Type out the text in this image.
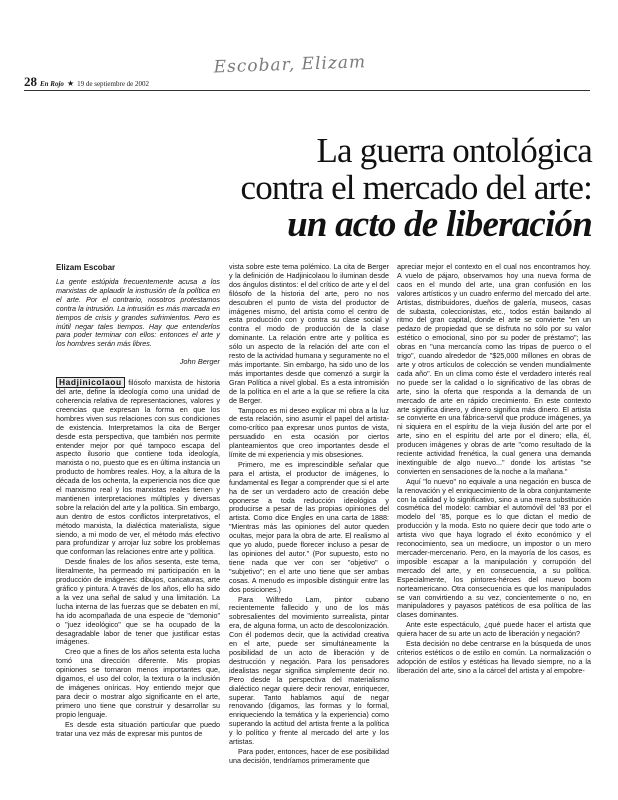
Escobar, Elizam
28 En Rojo ★ 19 de septiembre de 2002
La guerra ontológica
contra el mercado del arte:
un acto de liberación
Elizam Escobar

La gente estúpida frecuentemente acusa a los marxistas de aplaudir la instrusión de la política en el arte. Por el contrario, nosotros protestamos contra la intrusión. La intrusión es más marcada en tiempos de crisis y grandes sufrimientos. Pero es inútil negar tales tiempos. Hay que entenderlos para poder terminar con ellos: entonces el arte y los hombres serán más libres.

John Berger

Hadjinicolaou filósofo marxista de historia del arte, define la ideología como una unidad de coherencia relativa de representaciones, valores y creencias que expresan la forma en que los hombres viven sus relaciones con sus condiciones de existencia. Interpretamos la cita de Berger desde esta perspectiva, que también nos permite entender mejor por qué tampoco escapa del aspecto ilusorio que contiene toda ideología, marxista o no, puesto que es en última instancia un producto de hombres reales. Hoy, a la altura de la década de los ochenta, la experiencia nos dice que el marxismo real y los marxistas reales tienen y mantienen interpretaciones múltiples y diversas sobre la relación del arte y la política. Sin embargo, aun dentro de estos conflictos interpretativos, el método marxista, la dialéctica materialista, sigue siendo, a mi modo de ver, el método más efectivo para profundizar y arrojar luz sobre los problemas que conforman las relaciones entre arte y política.

Desde finales de los años sesenta, este tema, literalmente, ha permeado mi participación en la producción de imágenes: dibujos, caricaturas, arte gráfico y pintura. A través de los años, ello ha sido a la vez una señal de salud y una limitación. La lucha interna de las fuerzas que se debaten en mí, ha ido acompañada de una especie de "demonio" o "juez ideológico" que se ha ocupado de la desagradable labor de tener que justificar estas imágenes.

Creo que a fines de los años setenta esta lucha tomó una dirección diferente. Mis propias opiniones se tornaron menos importantes que, digamos, el uso del color, la textura o la inclusión de imágenes oníricas. Hoy entiendo mejor que para decir o mostrar algo significante en el arte, primero uno tiene que construir y desarrollar su propio lenguaje.

Es desde esta situación particular que puedo tratar una vez más de expresar mis puntos de

vista sobre este tema polémico. La cita de Berger y la definición de Hadjinicolaou lo iluminan desde dos ángulos distintos: el del crítico de arte y el del filósofo de la historia del arte, pero no nos descubren el punto de vista del productor de imágenes mismo, del artista como el centro de esta producción con y contra su clase social y contra el modo de producción de la clase dominante. La relación entre arte y política es sólo un aspecto de la relación del arte con el resto de la actividad humana y seguramente no el más importante. Sin embargo, ha sido uno de los más importantes desde que comenzó a surgir la Gran Política a nivel global. Es a esta intromisión de la política en el arte a la que se refiere la cita de Berger.

Tampoco es mi deseo explicar mi obra a la luz de esta relación, sino asumir el papel del artista-como-crítico paa expresar unos puntos de vista, persuadido en esta ocasión por ciertos planteamientos que creo importantes desde el límite de mi experiencia y mis obsesiones.

Primero, me es imprescindible señalar que para el artista, el productor de imágenes, lo fundamental es llegar a comprender que si el arte ha de ser un verdadero acto de creación debe oponerse a toda reducción ideológica y producirse a pesar de las propias opiniones del artista. Como dice Engles en una carta de 1888: "Mientras más las opiniones del autor queden ocultas, mejor para la obra de arte. El realismo al que yo aludo, puede florecer incluso a pesar de las opiniones del autor." (Por supuesto, esto no tiene nada que ver con ser "objetivo" o "subjetivo"; en el arte uno tiene que ser ambas cosas. A menudo es imposible distinguir entre las dos posiciones.)

Para Wilfredo Lam, pintor cubano recientemente fallecido y uno de los más sobresalientes del movimiento surrealista, pintar era, de alguna forma, un acto de descolonización. Con él podemos decir, que la actividad creativa en el arte, puede ser simultáneamente la posibilidad de un acto de liberación y de destrucción y negación. Para los pensadores idealistas negar significa simplemente decir no. Pero desde la perspectiva del materialismo dialéctico negar quiere decir renovar, enriquecer, superar. Tanto hablamos aquí de negar renovando (digamos, las formas y lo formal, enriqueciendo la temática y la experiencia) como superando la actitud del artista frente a la política y lo político y frente al mercado del arte y los artistas.

Para poder, entonces, hacer de ese posibilidad una decisión, tendríamos primeramente que

apreciar mejor el contexto en el cual nos encontramos hoy. A vuelo de pájaro, observamos hoy una nueva forma de caos en el mundo del arte, una gran confusión en los valores artísticos y un cuadro enfermo del mercado del arte. Artistas, distribuidores, dueños de galería, museos, casas de subasta, coleccionistas, etc., todos están bailando al ritmo del gran capital, donde el arte se convierte "en un pedazo de propiedad que se disfruta no sólo por su valor estético o emocional, sino por su poder de préstamo"; las obras en "una mercancía como las tripas de puerco o el trigo", cuando alrededor de "$25,000 millones en obras de arte y otros artículos de colección se venden mundialmente cada año". En un clima como éste el verdadero interés real no puede ser la calidad o lo significativo de las obras de arte, sino la oferta que responda a la demanda de un mercado de arte en rápido crecimiento. En este contexto arte significa dinero, y dinero significa más dinero. El artista se convierte en una fábrica-servil que produce imágenes, ya ni siquiera en el espíritu de la vieja ilusión del arte por el arte, sino en el espíritu del arte por el dinero; ella, él, producen imágenes y obras de arte "como resultado de la reciente actividad frenética, la cual genera una demanda inextinguible de algo nuevo..." donde los artistas "se convierten en sensaciones de la noche a la mañana."

Aquí "lo nuevo" no equivale a una negación en busca de la renovación y el enriquecimiento de la obra conjuntamente con la calidad y lo significativo, sino a una mera substitución cosmética del modelo: cambiar el automóvil del '83 por el modelo del '85, porque es lo que dictan el medio de producción y la moda. Esto no quiere decir que todo arte o artista vivo que haya logrado el éxito económico y el reconocimiento, sea un mediocre, un impostor o un mero mercader-mercenario. Pero, en la mayoría de los casos, es imposible escapar a la manipulación y corrupción del mercado del arte, y en consecuencia, a su política. Especialmente, los pintores-héroes del nuevo boom norteamericano. Otra consecuencia es que los manipulados se van convirtiendo a su vez, concientemente o no, en manipuladores y payasos patéticos de esa política de las clases dominantes.

Ante este espectáculo, ¿qué puede hacer el artista que quiera hacer de su arte un acto de liberación y negación?

Esta decisión no debe centrarse en la búsqueda de unos criterios estéticos o de estilo en común. La normalización o adopción de estilos y estéticas ha llevado siempre, no a la liberación del arte, sino a la cárcel del artista y al empobre-
